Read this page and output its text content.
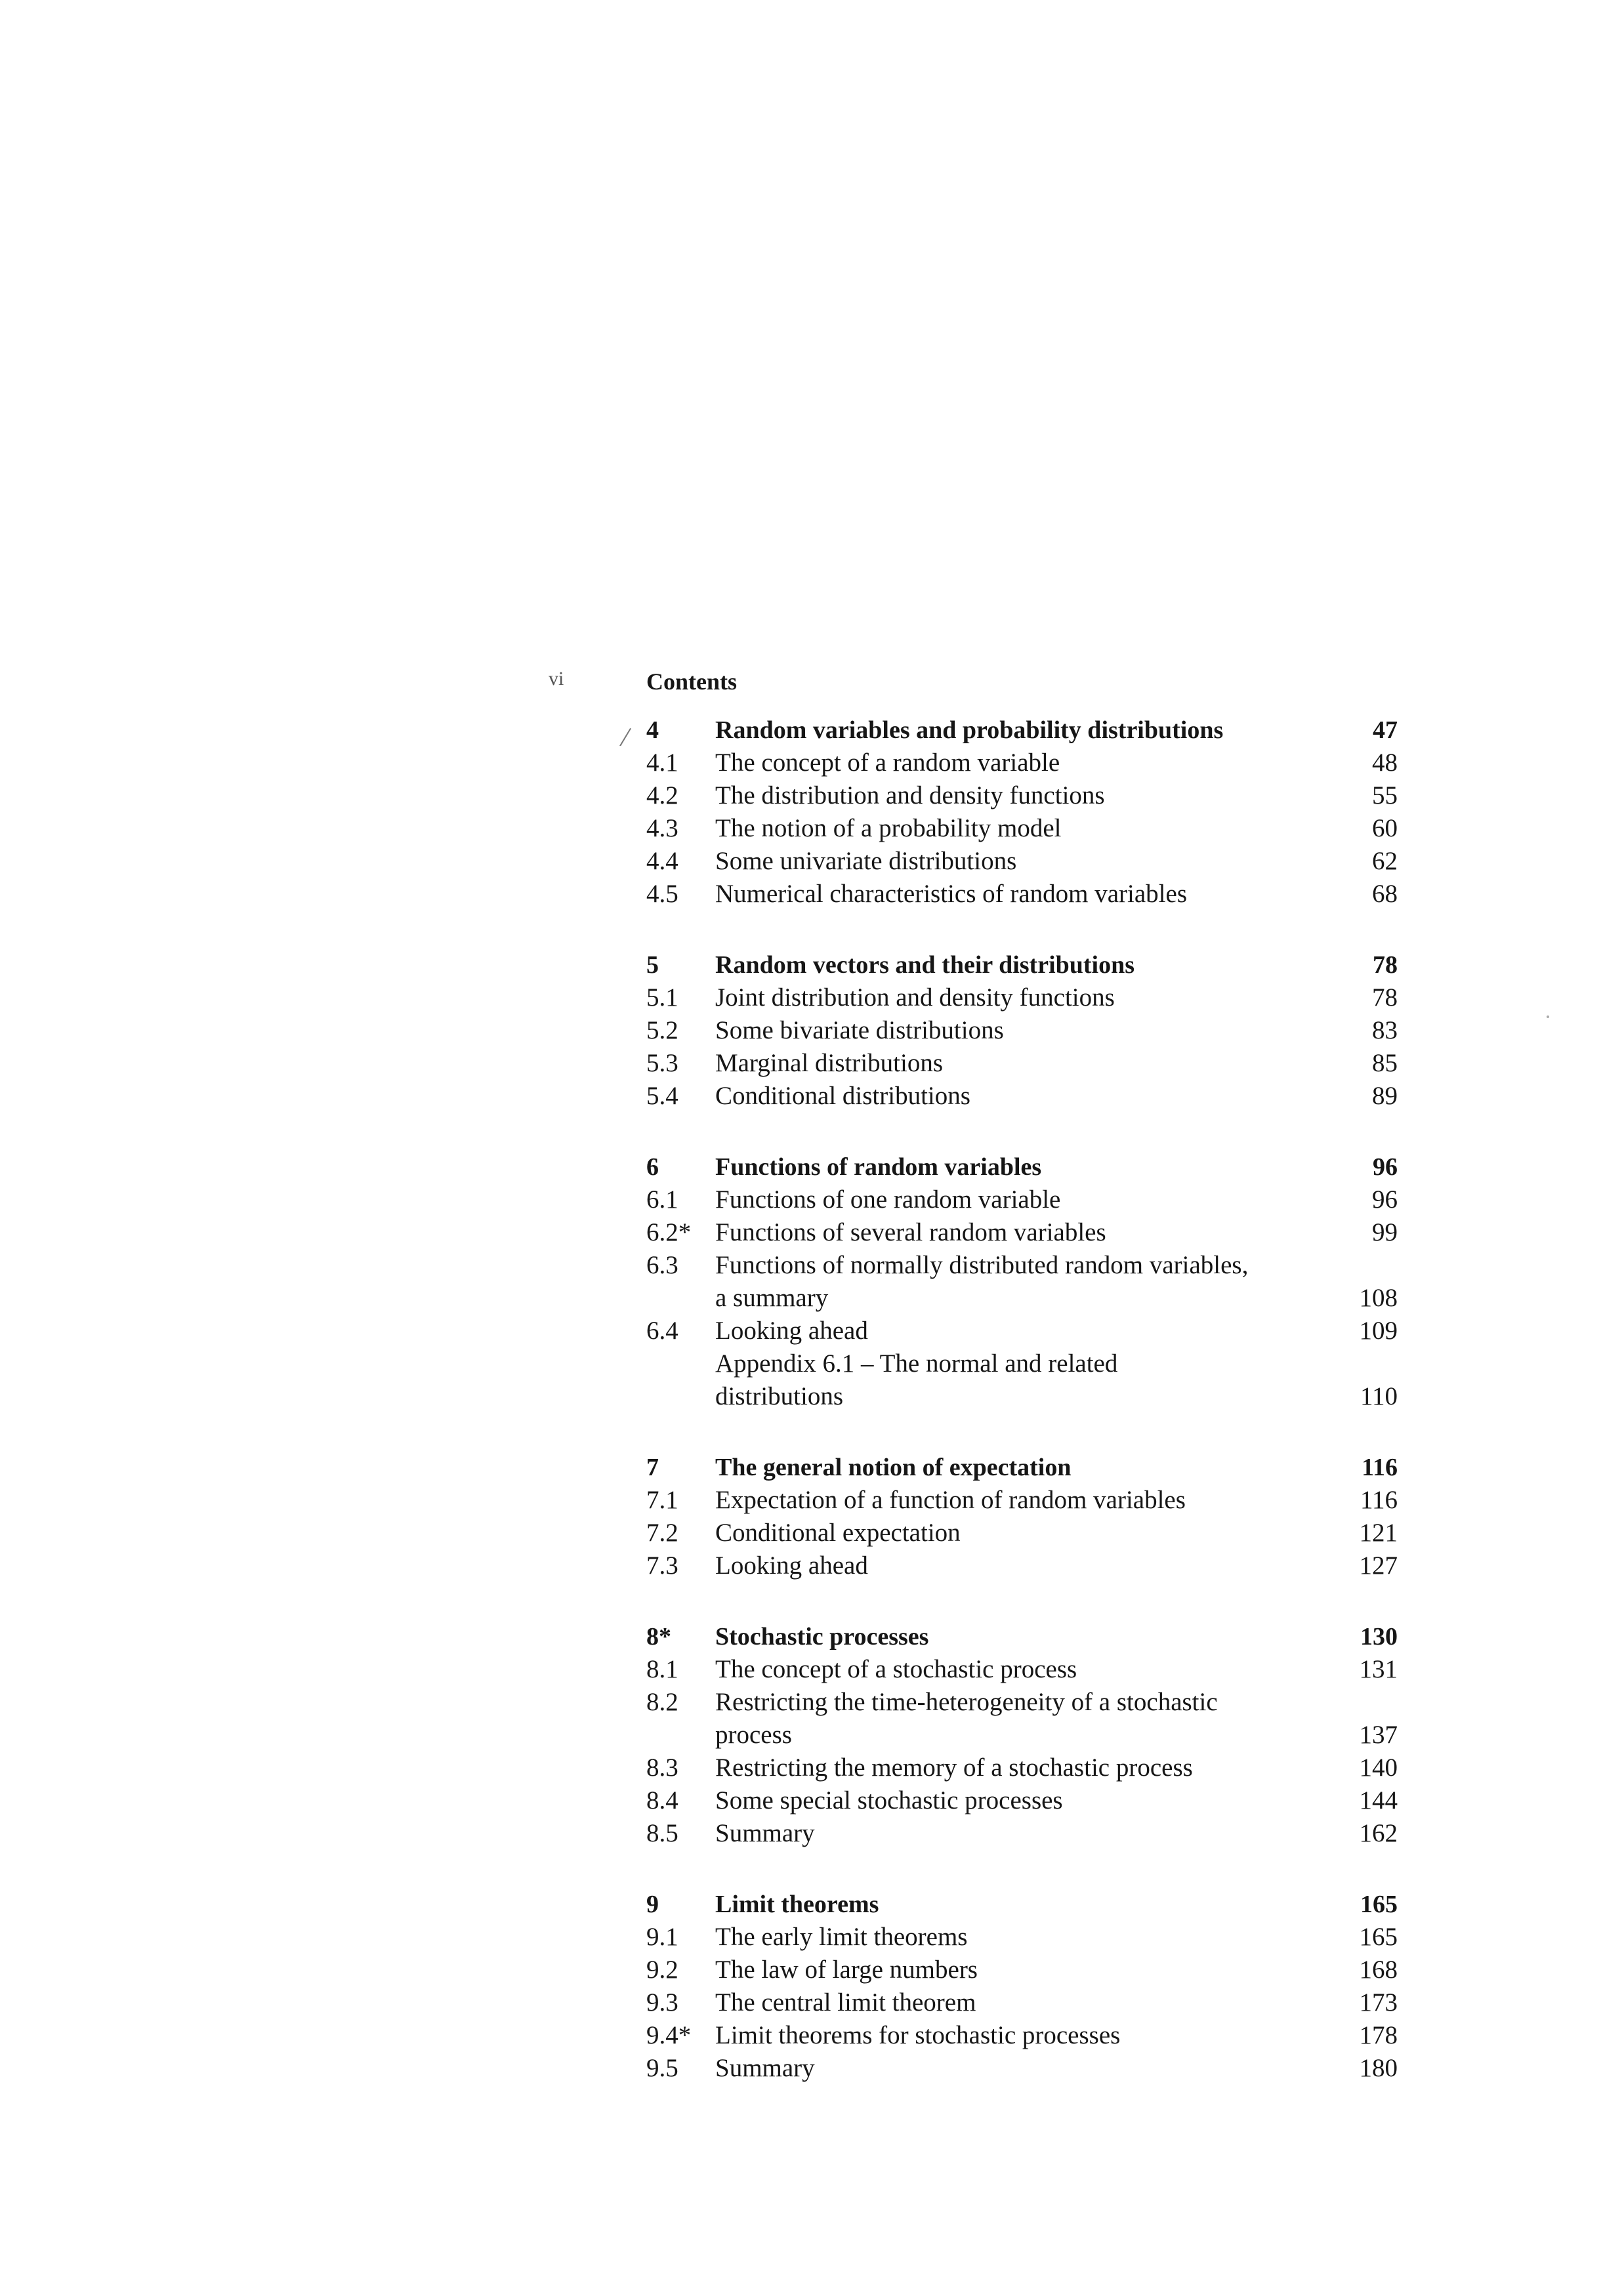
vi	Contents
/ 4 Random variables and probability distributions	47
4.1 The concept of a random variable	48
4.2 The distribution and density functions	55
4.3 The notion of a probability model	60
4.4 Some univariate distributions	62
4.5 Numerical characteristics of random variables	68
5 Random vectors and their distributions	78
5.1 Joint distribution and density functions	78
5.2 Some bivariate distributions	83
5.3 Marginal distributions	85
5.4 Conditional distributions	89
6 Functions of random variables	96
6.1 Functions of one random variable	96
6.2* Functions of several random variables	99
6.3 Functions of normally distributed random variables,
a summary	108
6.4 Looking ahead	109
Appendix 6.1 – The normal and related
distributions	110
7 The general notion of expectation	116
7.1 Expectation of a function of random variables	116
7.2 Conditional expectation	121
7.3 Looking ahead	127
8* Stochastic processes	130
8.1 The concept of a stochastic process	131
8.2 Restricting the time-heterogeneity of a stochastic
process	137
8.3 Restricting the memory of a stochastic process	140
8.4 Some special stochastic processes	144
8.5 Summary	162
9 Limit theorems	165
9.1 The early limit theorems	165
9.2 The law of large numbers	168
9.3 The central limit theorem	173
9.4* Limit theorems for stochastic processes	178
9.5 Summary	180
